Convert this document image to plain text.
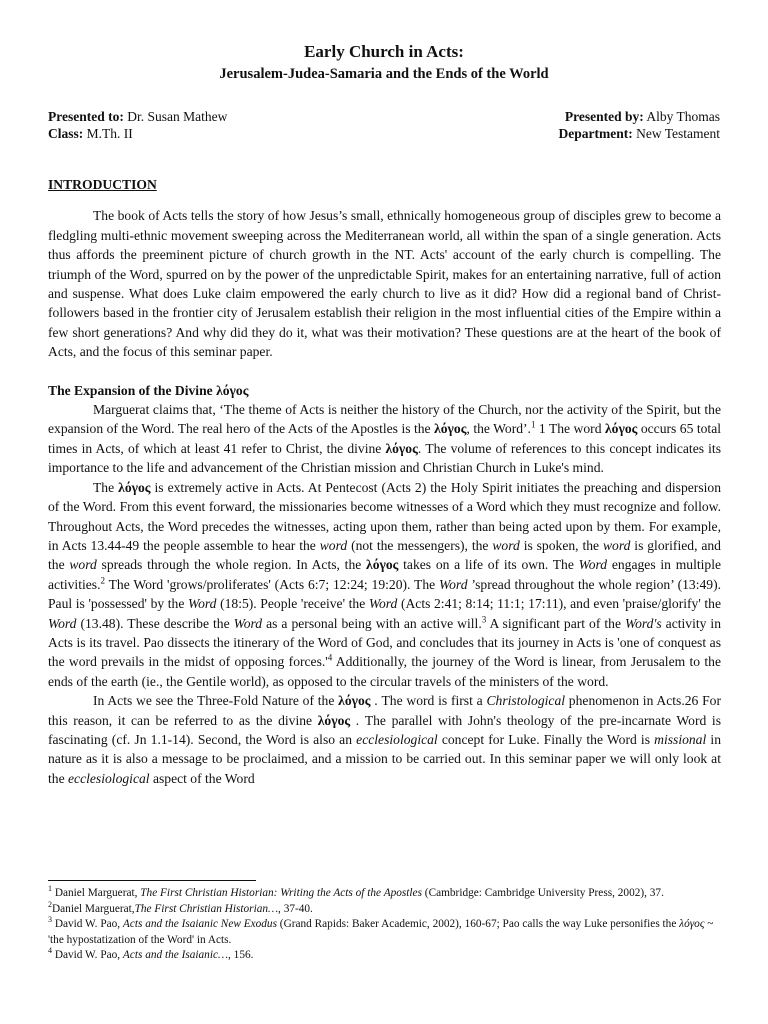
Early Church in Acts:
Jerusalem-Judea-Samaria and the Ends of the World
Presented to: Dr. Susan Mathew
Class: M.Th. II
Presented by: Alby Thomas
Department: New Testament
INTRODUCTION

The book of Acts tells the story of how Jesus’s small, ethnically homogeneous group of disciples grew to become a fledgling multi-ethnic movement sweeping across the Mediterranean world, all within the span of a single generation. Acts thus affords the preeminent picture of church growth in the NT. Acts' account of the early church is compelling. The triumph of the Word, spurred on by the power of the unpredictable Spirit, makes for an entertaining narrative, full of action and suspense. What does Luke claim empowered the early church to live as it did? How did a regional band of Christ-followers based in the frontier city of Jerusalem establish their religion in the most influential cities of the Empire within a few short generations? And why did they do it, what was their motivation? These questions are at the heart of the book of Acts, and the focus of this seminar paper.

The Expansion of the Divine λόγος

Marguerat claims that, ‘The theme of Acts is neither the history of the Church, nor the activity of the Spirit, but the expansion of the Word. The real hero of the Acts of the Apostles is the λόγος, the Word’.$^1$ 1 The word λόγος occurs 65 total times in Acts, of which at least 41 refer to Christ, the divine λόγος. The volume of references to this concept indicates its importance to the life and advancement of the Christian mission and Christian Church in Luke's mind.

The λόγος is extremely active in Acts. At Pentecost (Acts 2) the Holy Spirit initiates the preaching and dispersion of the Word. From this event forward, the missionaries become witnesses of a Word which they must recognize and follow. Throughout Acts, the Word precedes the witnesses, acting upon them, rather than being acted upon by them. For example, in Acts 13.44-49 the people assemble to hear the word (not the messengers), the word is spoken, the word is glorified, and the word spreads through the whole region. In Acts, the λόγος takes on a life of its own. The Word engages in multiple activities.$^2$ The Word 'grows/proliferates' (Acts 6:7; 12:24; 19:20). The Word ’spread throughout the whole region’ (13:49). Paul is 'possessed' by the Word (18:5). People 'receive' the Word (Acts 2:41; 8:14; 11:1; 17:11), and even 'praise/glorify' the Word (13.48). These describe the Word as a personal being with an active will.$^3$ A significant part of the Word's activity in Acts is its travel. Pao dissects the itinerary of the Word of God, and concludes that its journey in Acts is 'one of conquest as the word prevails in the midst of opposing $forces.'^4$ Additionally, the journey of the Word is linear, from Jerusalem to the ends of the earth (ie., the Gentile world), as opposed to the circular travels of the ministers of the word.

In Acts we see the Three-Fold Nature of the λόγος . The word is first a Christological phenomenon in Acts.26 For this reason, it can be referred to as the divine λόγος . The parallel with John's theology of the pre-incarnate Word is fascinating (cf. Jn 1.1-14). Second, the Word is also an ecclesiological concept for Luke. Finally the Word is missional in nature as it is also a message to be proclaimed, and a mission to be carried out. In this seminar paper we will only look at the ecclesiological aspect of the Word

$^1$ Daniel Marguerat, The First Christian Historian: Writing the Acts of the Apostles (Cambridge: Cambridge University Press, 2002), 37.

$^2$Daniel Marguerat,The First Christian Historian…, 37-40.

$^3$ David W. Pao, Acts and the Isaianic New Exodus (Grand Rapids: Baker Academic, 2002), 160-67; Pao calls the way Luke personifies the λόγος ~ 'the hypostatization of the Word' in Acts.

$^4$ David W. Pao, Acts and the Isaianic…, 156.
